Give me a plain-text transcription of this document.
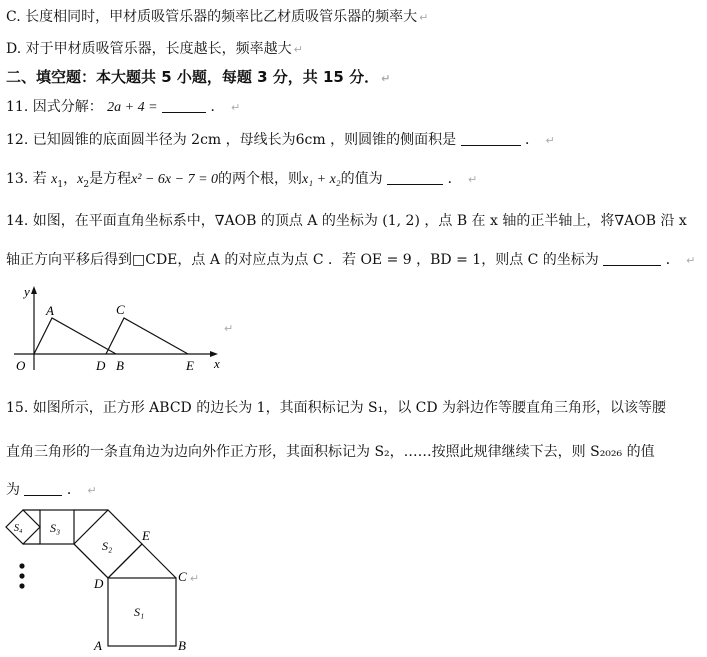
C. 长度相同时，甲材质吸管乐器的频率比乙材质吸管乐器的频率大 ↵
D. 对于甲材质吸管乐器，长度越长，频率越大 ↵
二、填空题：本大题共 5 小题，每题 3 分，共 15 分． ↵
11. 因式分解： 2a + 4 =	． ↵
12. 已知圆锥的底面圆半径为 2cm ，母线长为6cm ，则圆锥的侧面积是	． ↵
13. 若 $x_1$，$x_2$是方程x² − 6x − 7 = 0的两个根，则x₁ + x₂的值为	． ↵
14. 如图，在平面直角坐标系中，∇AOB 的顶点 A 的坐标为 (1, 2) ，点 B 在 x 轴的正半轴上，将∇AOB 沿 x
轴正方向平移后得到□CDE，点 A 的对应点为点 C ．若 OE = 9 ，BD = 1，则点 C 的坐标为	． ↵
y
x
O
A	C
D B	E
↵
15. 如图所示，正方形 ABCD 的边长为 1，其面积标记为 S₁，以 CD 为斜边作等腰直角三角形，以该等腰
直角三角形的一条直角边为边向外作正方形，其面积标记为 S₂，……按照此规律继续下去，则 S₂₀₂₆ 的值
为	． ↵
S₁
S₂
S₃
S₄
A	B
C
D
E
↵
